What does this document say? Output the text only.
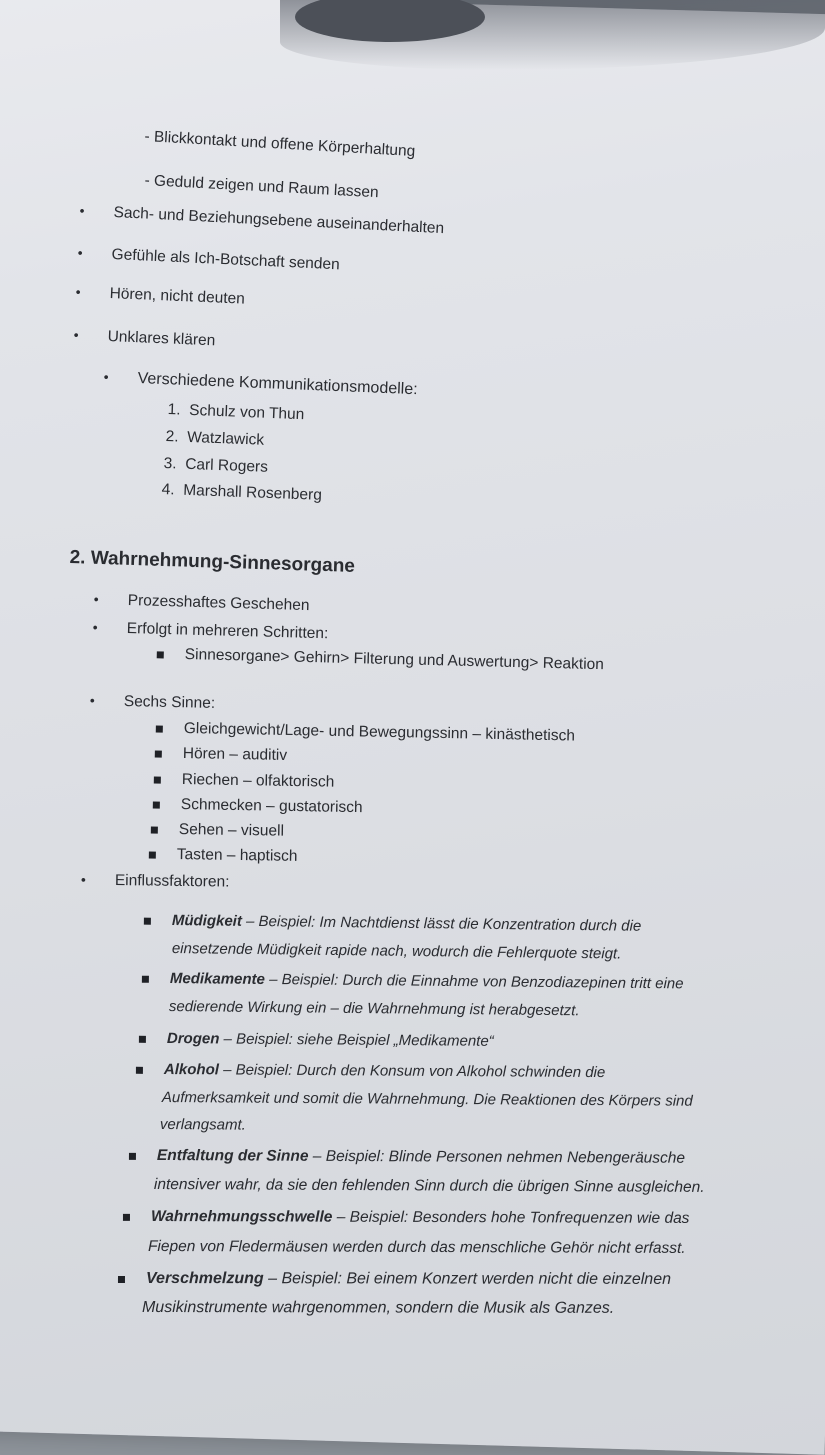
- Blickkontakt und offene Körperhaltung
- Geduld zeigen und Raum lassen
• Sach- und Beziehungsebene auseinanderhalten
• Gefühle als Ich-Botschaft senden
• Hören, nicht deuten
• Unklares klären
• Verschiedene Kommunikationsmodelle:
1. Schulz von Thun
2. Watzlawick
3. Carl Rogers
4. Marshall Rosenberg
2. Wahrnehmung-Sinnesorgane
• Prozesshaftes Geschehen
• Erfolgt in mehreren Schritten:
Sinnesorgane> Gehirn> Filterung und Auswertung> Reaktion
• Sechs Sinne:
Gleichgewicht/Lage- und Bewegungssinn – kinästhetisch
Hören – auditiv
Riechen – olfaktorisch
Schmecken – gustatorisch
Sehen – visuell
Tasten – haptisch
• Einflussfaktoren:
Müdigkeit – Beispiel: Im Nachtdienst lässt die Konzentration durch die
einsetzende Müdigkeit rapide nach, wodurch die Fehlerquote steigt.
Medikamente – Beispiel: Durch die Einnahme von Benzodiazepinen tritt eine
sedierende Wirkung ein – die Wahrnehmung ist herabgesetzt.
Drogen – Beispiel: siehe Beispiel „Medikamente“
Alkohol – Beispiel: Durch den Konsum von Alkohol schwinden die
Aufmerksamkeit und somit die Wahrnehmung. Die Reaktionen des Körpers sind
verlangsamt.
Entfaltung der Sinne – Beispiel: Blinde Personen nehmen Nebengeräusche
intensiver wahr, da sie den fehlenden Sinn durch die übrigen Sinne ausgleichen.
Wahrnehmungsschwelle – Beispiel: Besonders hohe Tonfrequenzen wie das
Fiepen von Fledermäusen werden durch das menschliche Gehör nicht erfasst.
Verschmelzung – Beispiel: Bei einem Konzert werden nicht die einzelnen
Musikinstrumente wahrgenommen, sondern die Musik als Ganzes.
